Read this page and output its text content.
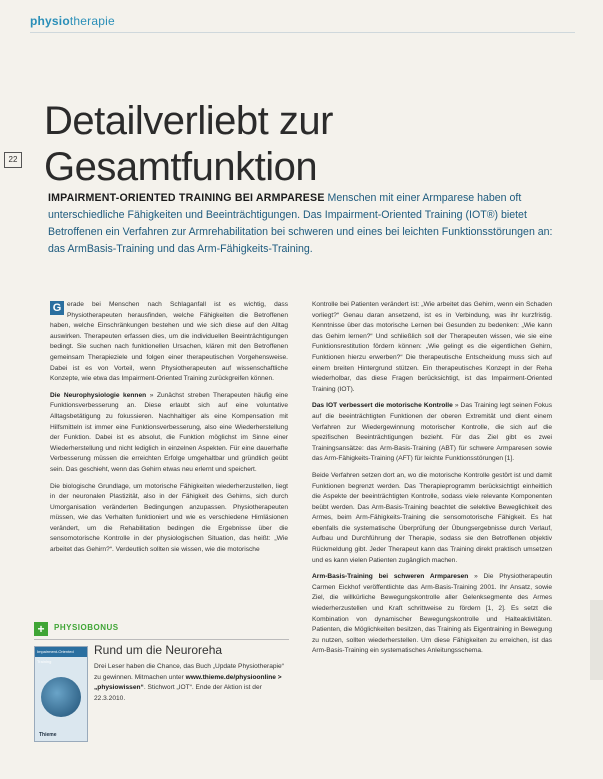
physiotherapie
22
Detailverliebt zur
Gesamtfunktion
IMPAIRMENT-ORIENTED TRAINING BEI ARMPARESE Menschen mit einer Armparese haben oft unterschiedliche Fähigkeiten und Beeinträchtigungen. Das Impairment-Oriented Training (IOT®) bietet Betroffenen ein Verfahren zur Armrehabilitation bei schweren und eines bei leichten Funktionsstörungen an: das ArmBasis-Training und das Arm-Fähigkeits-Training.

G erade bei Menschen nach Schlaganfall ist es wichtig, dass Physiotherapeuten herausfinden, welche Fähigkeiten die Betroffenen haben, welche Einschränkungen bestehen und wie sich diese auf den Alltag auswirken. Therapeuten erfassen dies, um die individuellen Beeinträchtigungen bedingt. Sie suchen nach funktionellen Ursachen, klären mit den Betroffenen gemeinsam Therapieziele und folgen einer therapeutischen Vorgehensweise. Dabei ist es von Vorteil, wenn Physiotherapeuten auf wissenschaftliche Konzepte, wie etwa das Impairment-Oriented Training zurückgreifen können.

Die Neurophysiologie kennen » Zunächst streben Therapeuten häufig eine Funktionsverbesserung an. Diese erlaubt sich auf eine voluntative Alltagsbetätigung zu fokussieren. Nachhaltiger als eine Kompensation mit Hilfsmitteln ist immer eine Funktionsverbesserung, also eine Wiederherstellung der Funktion. Dabei ist es absolut, die Funktion möglichst im Sinne einer Wiederherstellung und nicht lediglich in einzelnen Aspekten. Für eine dauerhafte Verbesserung müssen die erreichten Erfolge umgehaltbar und gründlich geübt sein. Das geschieht, wenn das Gehirn etwas neu erlernt und speichert.

Die biologische Grundlage, um motorische Fähigkeiten wiederherzustellen, liegt in der neuronalen Plastizität, also in der Fähigkeit des Gehirns, sich durch Umorganisation veränderten Bedingungen anzupassen. Physiotherapeuten müssen, wie das Verhalten funktioniert und wie es verschiedene Hirnläsionen verändert, um die Rehabilitation bedingen die Ergebnisse über die sensomotorische Kontrolle in der physiologischen Situation, das heißt: „Wie arbeitet das Gehirn?“. Verdeutlich sollten sie wissen, wie die motorische

Kontrolle bei Patienten verändert ist: „Wie arbeitet das Gehirn, wenn ein Schaden vorliegt?“ Genau daran ansetzend, ist es in Verbindung, was ihr kurzfristig. Kenntnisse über das motorische Lernen bei Gesunden zu bedenken: „Wie kann das Gehirn lernen?“ Und schließlich soll der Therapeuten wissen, wie sie eine Funktionsrestitution fördern können: „Wie gelingt es die eigentlichen Gehirn, Funktionen hierzu erwerben?“ Die therapeutische Entscheidung muss sich auf einem breiten Hintergrund stützen. Ein therapeutisches Konzept in der Reha wiederholbar, das diese Fragen berücksichtigt, ist das Impairment-Oriented Training (IOT).

Das IOT verbessert die motorische Kontrolle » Das Training legt seinen Fokus auf die beeinträchtigten Funktionen der oberen Extremität und dient einem Verfahren zur Wiedergewinnung motorischer Kontrolle, die sich auf die spezifischen Beeinträchtigungen bezieht. Für das Ziel gibt es zwei Trainingsansätze: das Arm-Basis-Training (ABT) für schwere Armparesen sowie das Arm-Fähigkeits-Training (AFT) für leichte Funktionsstörungen [1].

Beide Verfahren setzen dort an, wo die motorische Kontrolle gestört ist und damit Funktionen begrenzt werden. Das Therapieprogramm berücksichtigt einheitlich die Aspekte der beeinträchtigten Kontrolle, sodass viele relevante Komponenten beübt werden. Das Arm-Basis-Training beachtet die selektive Beweglichkeit des Armes, beim Arm-Fähigkeits-Training die sensomotorische Fähigkeit. Es hat ebenfalls die systematische Überprüfung der Übungsergebnisse durch Verlauf, Aufbau und Durchführung der Therapie, sodass sie den Betroffenen objektiv Rückmeldung gibt. Jeder Therapeut kann das Training direkt praktisch umsetzen und es kann vielen Patienten zugänglich machen.

Arm-Basis-Training bei schweren Armparesen » Die Physiotherapeutin Carmen Eickhof veröffentlichte das Arm-Basis-Training 2001. Ihr Ansatz, sowie Ziel, die willkürliche Bewegungskontrolle aller Gelenksegmente des Armes wiederherzustellen und Kraft schrittweise zu fördern [1, 2]. Es setzt die Kombination von dynamischer Bewegungskontrolle und Halteaktivitäten. Patienten, die Möglichkeiten besitzen, das Training als Eigentraining in Bewegung zu nutzen, sollten wiederherstellen. Um diese Fähigkeiten zu erreichen, ist das Arm-Basis-Training ein systematisches Anleitungsschema.

+	PHYSIOBONUS
Impairment-Oriented Training
Thieme
Rund um die Neuroreha
Drei Leser haben die Chance, das Buch „Update Physiotherapie“ zu gewinnen. Mitmachen unter www.thieme.de/physioonline > „physiowissen“. Stichwort „IOT“. Ende der Aktion ist der 22.3.2010.
